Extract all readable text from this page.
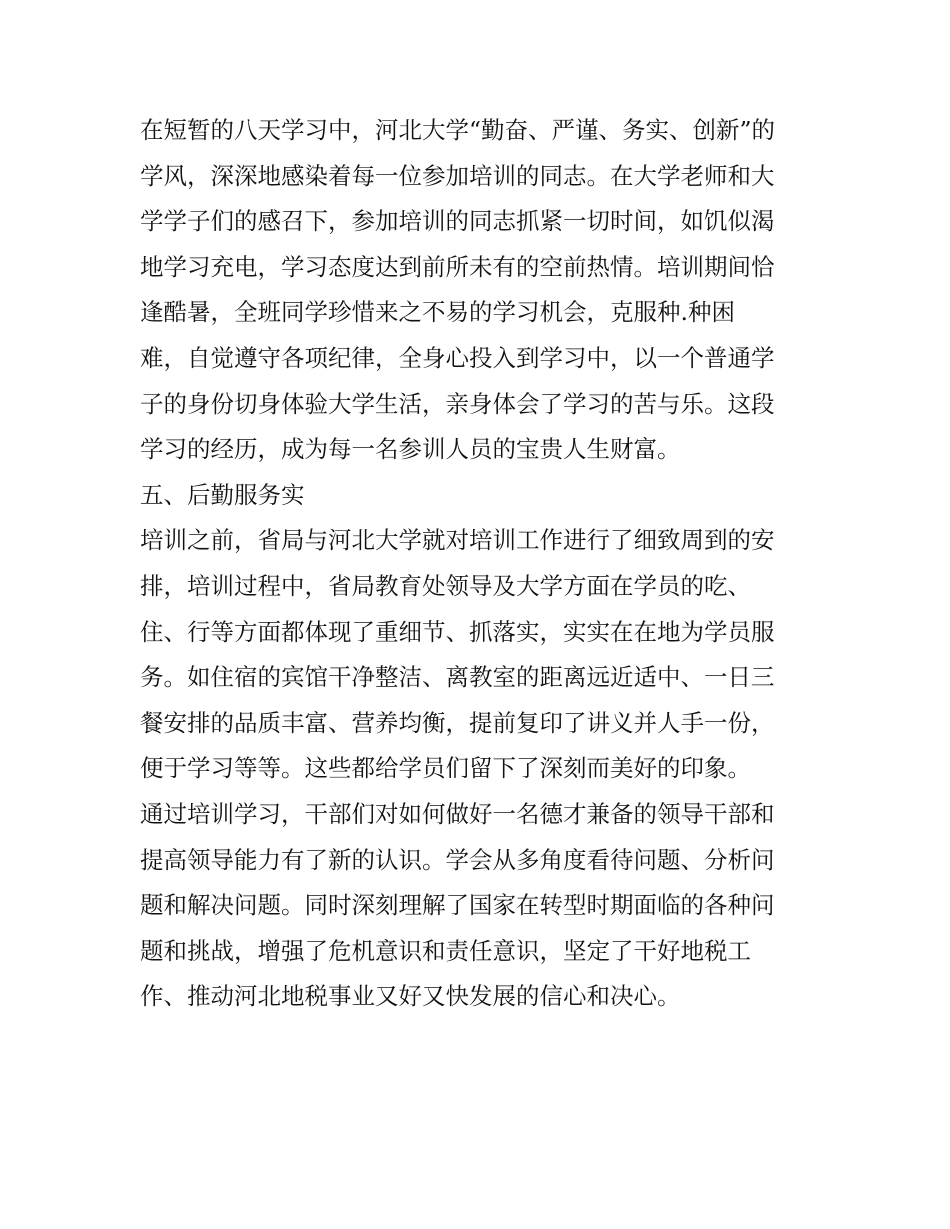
在短暂的八天学习中，河北大学“勤奋、严谨、务实、创新”的
学风，深深地感染着每一位参加培训的同志。在大学老师和大
学学子们的感召下，参加培训的同志抓紧一切时间，如饥似渴
地学习充电，学习态度达到前所未有的空前热情。培训期间恰
逢酷暑，全班同学珍惜来之不易的学习机会，克服种.种困
难，自觉遵守各项纪律，全身心投入到学习中，以一个普通学
子的身份切身体验大学生活，亲身体会了学习的苦与乐。这段
学习的经历，成为每一名参训人员的宝贵人生财富。
五、后勤服务实
培训之前，省局与河北大学就对培训工作进行了细致周到的安
排，培训过程中，省局教育处领导及大学方面在学员的吃、
住、行等方面都体现了重细节、抓落实，实实在在地为学员服
务。如住宿的宾馆干净整洁、离教室的距离远近适中、一日三
餐安排的品质丰富、营养均衡，提前复印了讲义并人手一份，
便于学习等等。这些都给学员们留下了深刻而美好的印象。
通过培训学习，干部们对如何做好一名德才兼备的领导干部和
提高领导能力有了新的认识。学会从多角度看待问题、分析问
题和解决问题。同时深刻理解了国家在转型时期面临的各种问
题和挑战，增强了危机意识和责任意识，坚定了干好地税工
作、推动河北地税事业又好又快发展的信心和决心。
